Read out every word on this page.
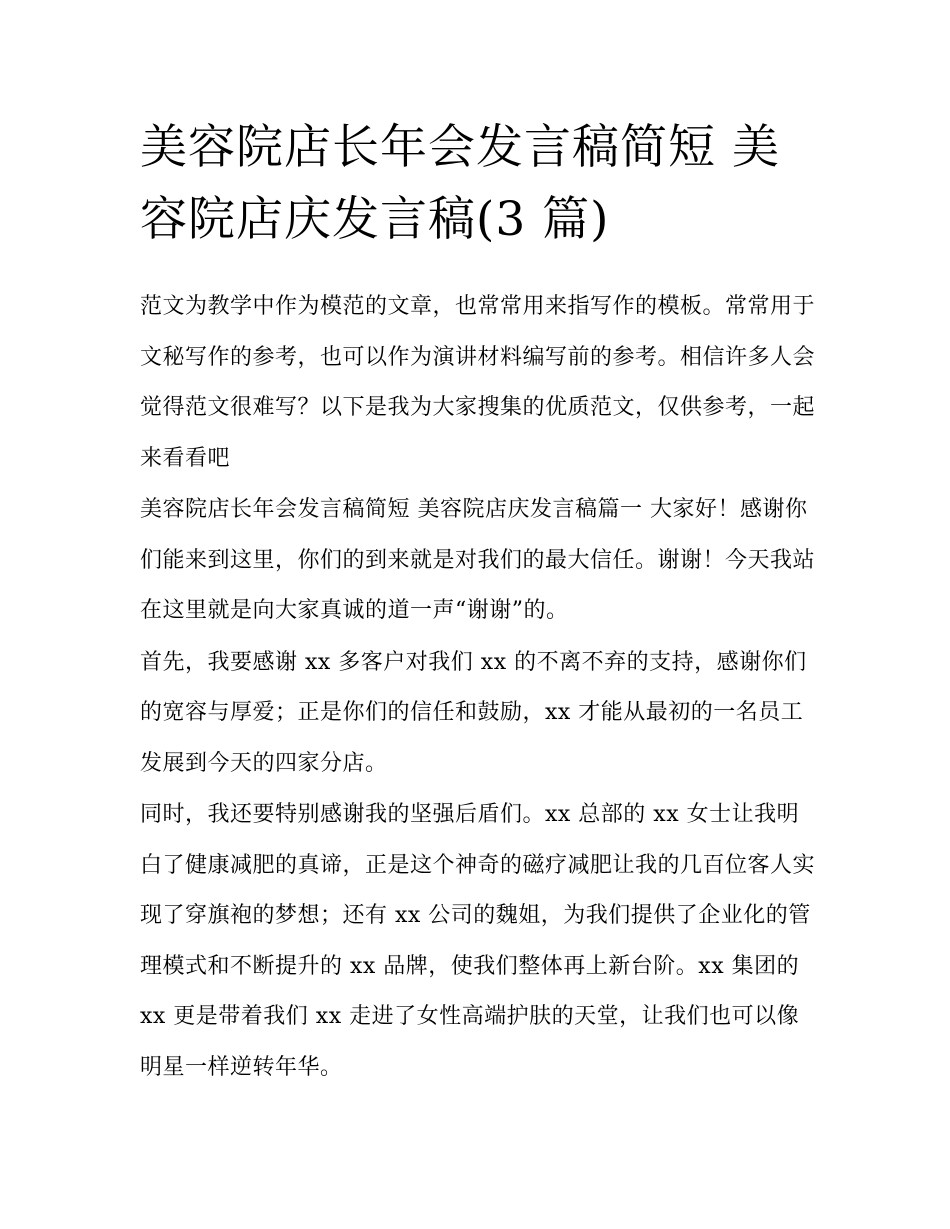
美容院店长年会发言稿简短 美容院店庆发言稿(3 篇)

范文为教学中作为模范的文章，也常常用来指写作的模板。常常用于文秘写作的参考，也可以作为演讲材料编写前的参考。相信许多人会觉得范文很难写？以下是我为大家搜集的优质范文，仅供参考，一起来看看吧

美容院店长年会发言稿简短 美容院店庆发言稿篇一 大家好！感谢你们能来到这里，你们的到来就是对我们的最大信任。谢谢！今天我站在这里就是向大家真诚的道一声“谢谢”的。

首先，我要感谢 xx 多客户对我们 xx 的不离不弃的支持，感谢你们的宽容与厚爱；正是你们的信任和鼓励，xx 才能从最初的一名员工发展到今天的四家分店。

同时，我还要特别感谢我的坚强后盾们。xx 总部的 xx 女士让我明白了健康减肥的真谛，正是这个神奇的磁疗减肥让我的几百位客人实现了穿旗袍的梦想；还有 xx 公司的魏姐，为我们提供了企业化的管理模式和不断提升的 xx 品牌，使我们整体再上新台阶。xx 集团的 xx 更是带着我们 xx 走进了女性高端护肤的天堂，让我们也可以像明星一样逆转年华。
